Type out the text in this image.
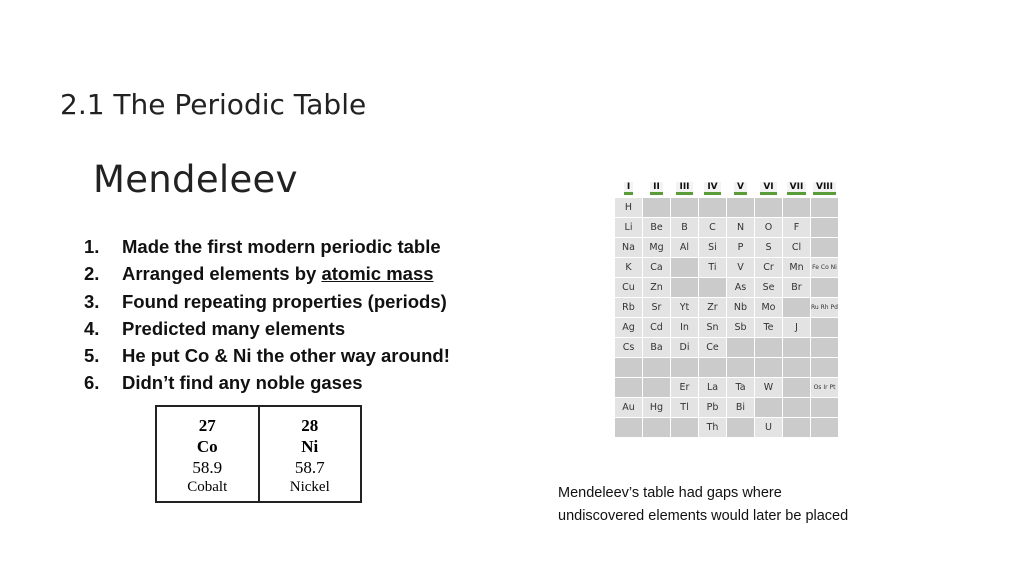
2.1 The Periodic Table
Mendeleev
1. Made the first modern periodic table
2. Arranged elements by atomic mass
3. Found repeating properties (periods)
4. Predicted many elements
5. He put Co & Ni the other way around!
6. Didn’t find any noble gases
27
Co
58.9
Cobalt
28
Ni
58.7
Nickel
I	II	III	IV	V	VI	VII	VIII
H							
Li	Be	B	C	N	O	F	
Na	Mg	Al	Si	P	S	Cl	
K	Ca		Ti	V	Cr	Mn	Fe Co Ni
Cu	Zn			As	Se	Br	
Rb	Sr	Yt	Zr	Nb	Mo		Ru Rh Pd
Ag	Cd	In	Sn	Sb	Te	J	
Cs	Ba	Di	Ce				

		Er	La	Ta	W		Os Ir Pt
Au	Hg	Tl	Pb	Bi			
			Th		U		
Mendeleev’s table had gaps where
undiscovered elements would later be placed
